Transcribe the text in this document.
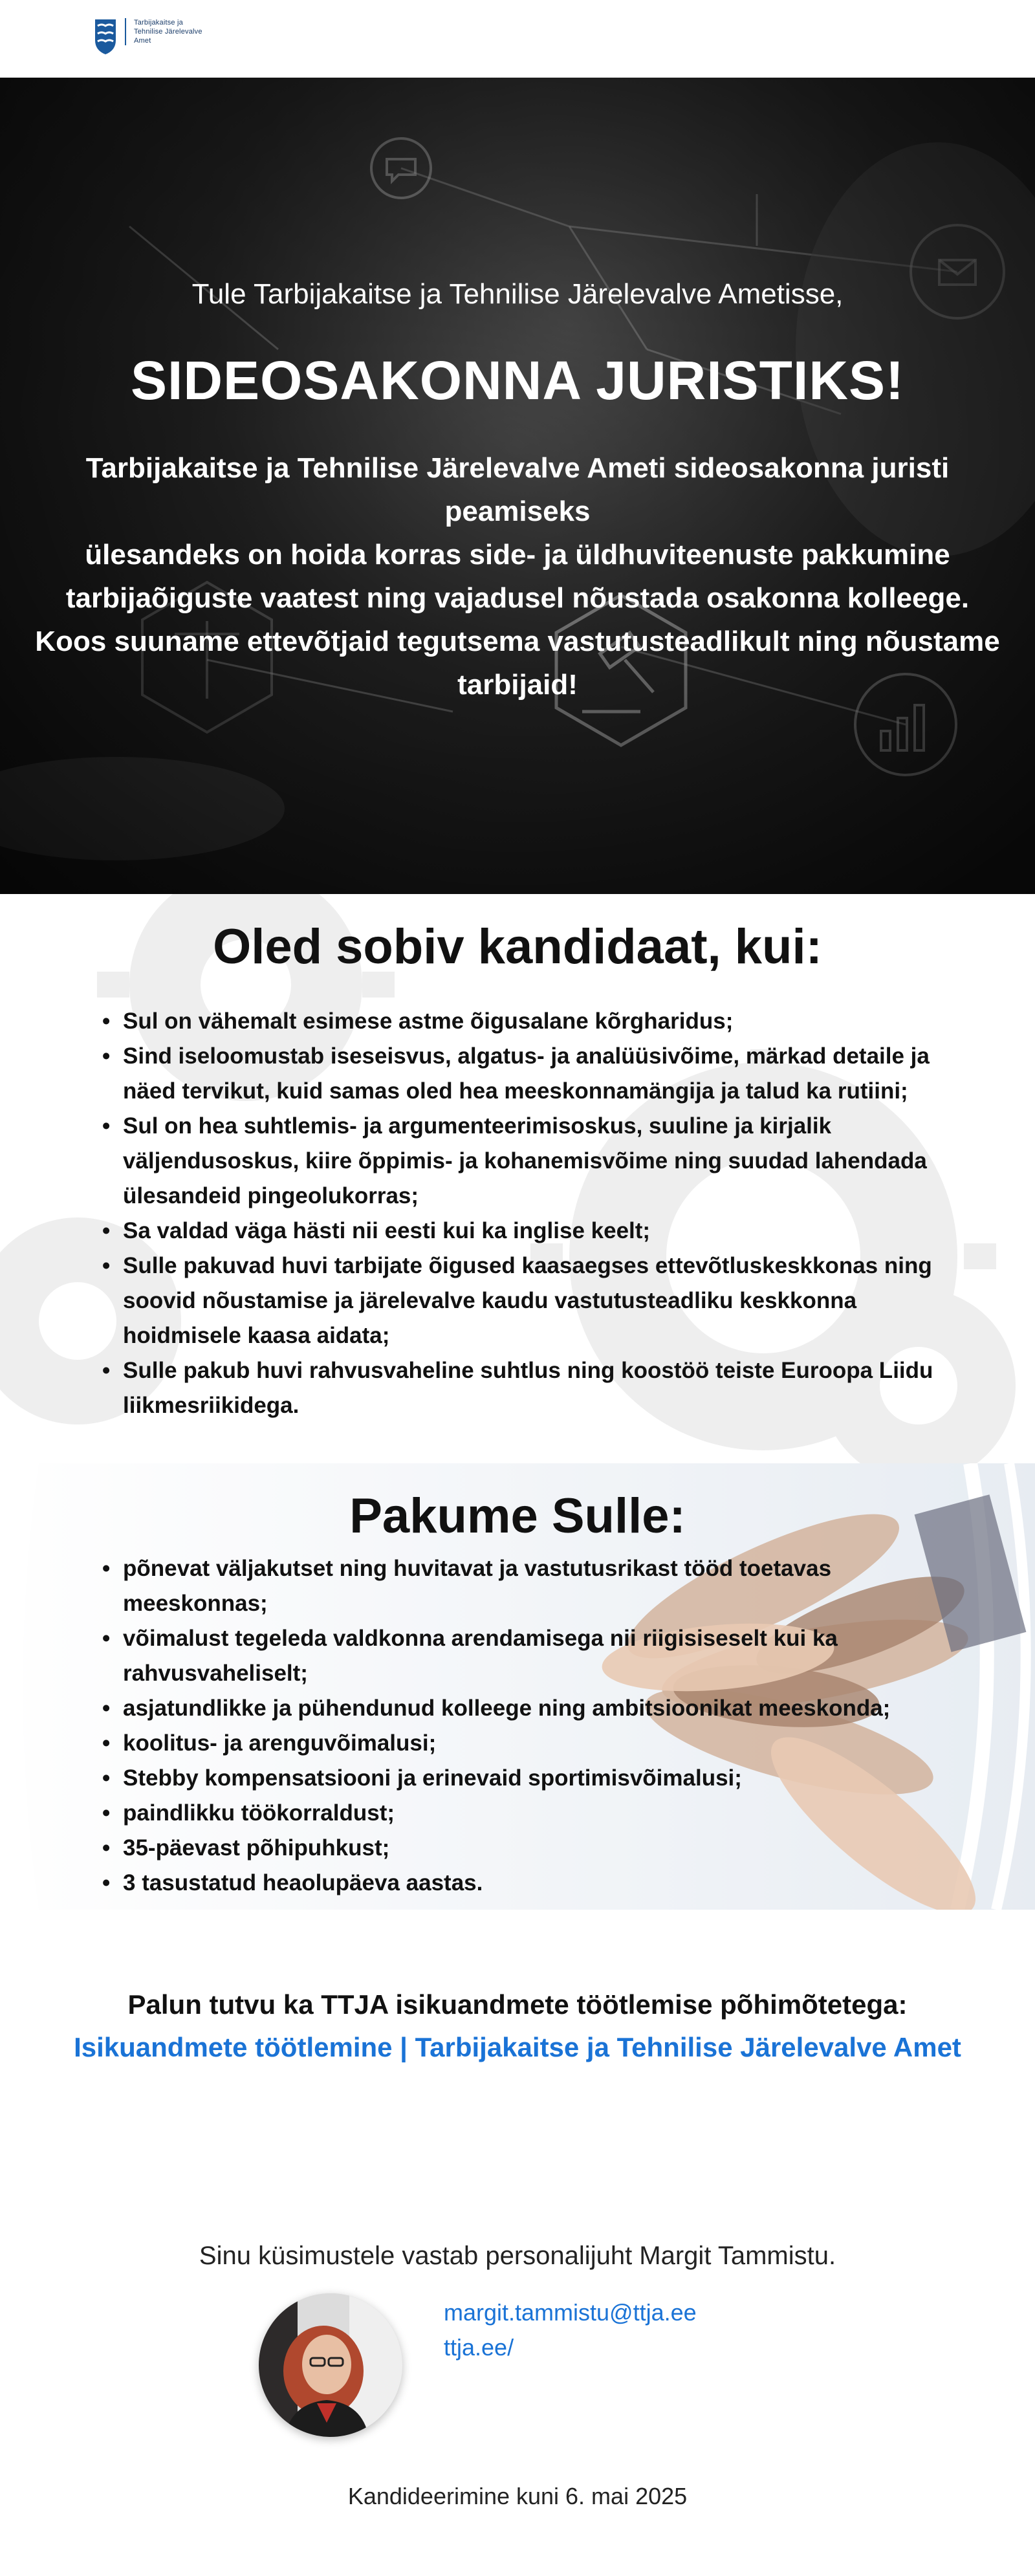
Tarbijakaitse ja
Tehnilise Järelevalve
Amet
Tule Tarbijakaitse ja Tehnilise Järelevalve Ametisse,
SIDEOSAKONNA JURISTIKS!
Tarbijakaitse ja Tehnilise Järelevalve Ameti sideosakonna juristi peamiseks
ülesandeks on hoida korras side- ja üldhuviteenuste pakkumine
tarbijaõiguste vaatest ning vajadusel nõustada osakonna kolleege.
Koos suuname ettevõtjaid tegutsema vastutusteadlikult ning nõustame
tarbijaid!
Oled sobiv kandidaat, kui:
• Sul on vähemalt esimese astme õigusalane kõrgharidus;
• Sind iseloomustab iseseisvus, algatus- ja analüüsivõime, märkad detaile ja näed tervikut, kuid samas oled hea meeskonnamängija ja talud ka rutiini;
• Sul on hea suhtlemis- ja argumenteerimisoskus, suuline ja kirjalik väljendusoskus, kiire õppimis- ja kohanemisvõime ning suudad lahendada ülesandeid pingeolukorras;
• Sa valdad väga hästi nii eesti kui ka inglise keelt;
• Sulle pakuvad huvi tarbijate õigused kaasaegses ettevõtluskeskkonas ning soovid nõustamise ja järelevalve kaudu vastutusteadliku keskkonna hoidmisele kaasa aidata;
• Sulle pakub huvi rahvusvaheline suhtlus ning koostöö teiste Euroopa Liidu liikmesriikidega.
Pakume Sulle:
• põnevat väljakutset ning huvitavat ja vastutusrikast tööd toetavas meeskonnas;
• võimalust tegeleda valdkonna arendamisega nii riigisiseselt kui ka rahvusvaheliselt;
• asjatundlikke ja pühendunud kolleege ning ambitsioonikat meeskonda;
• koolitus- ja arenguvõimalusi;
• Stebby kompensatsiooni ja erinevaid sportimisvõimalusi;
• paindlikku töökorraldust;
• 35-päevast põhipuhkust;
• 3 tasustatud heaolupäeva aastas.
Palun tutvu ka TTJA isikuandmete töötlemise põhimõtetega:
Isikuandmete töötlemine | Tarbijakaitse ja Tehnilise Järelevalve Amet
Sinu küsimustele vastab personalijuht Margit Tammistu.
margit.tammistu@ttja.ee
ttja.ee/
Kandideerimine kuni 6. mai 2025
